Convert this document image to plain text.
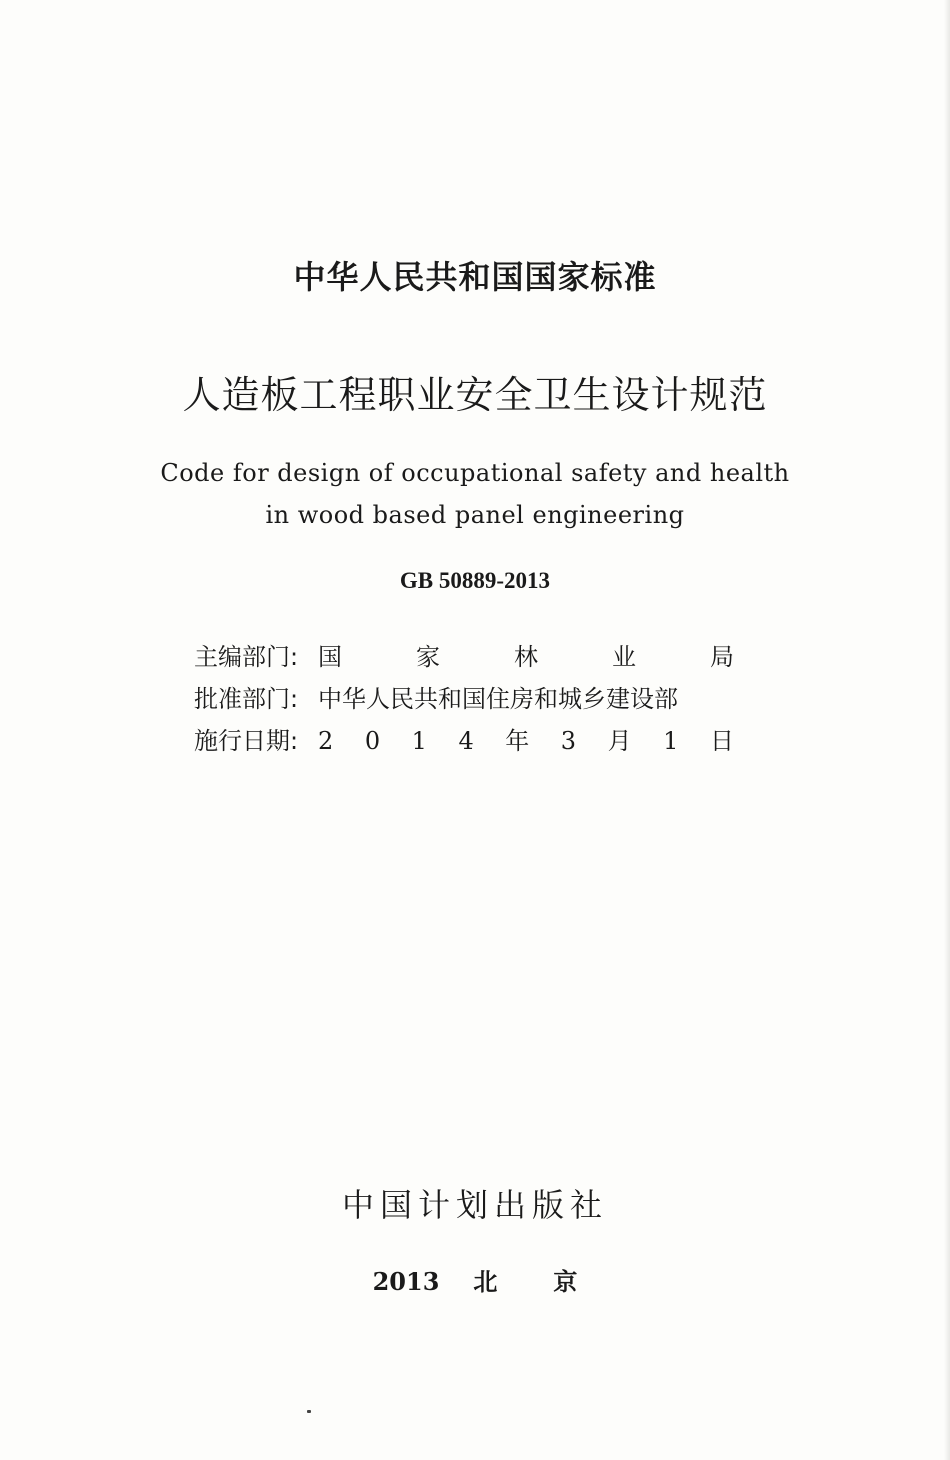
中华人民共和国国家标准
人造板工程职业安全卫生设计规范
Code for design of occupational safety and health
in wood based panel engineering
GB 50889-2013
主编部门: 国	家	林	业	局
批准部门: 中华人民共和国住房和城乡建设部
施行日期: 2 0 1 4 年 3 月 1 日
中国计划出版社
2013 北 京
